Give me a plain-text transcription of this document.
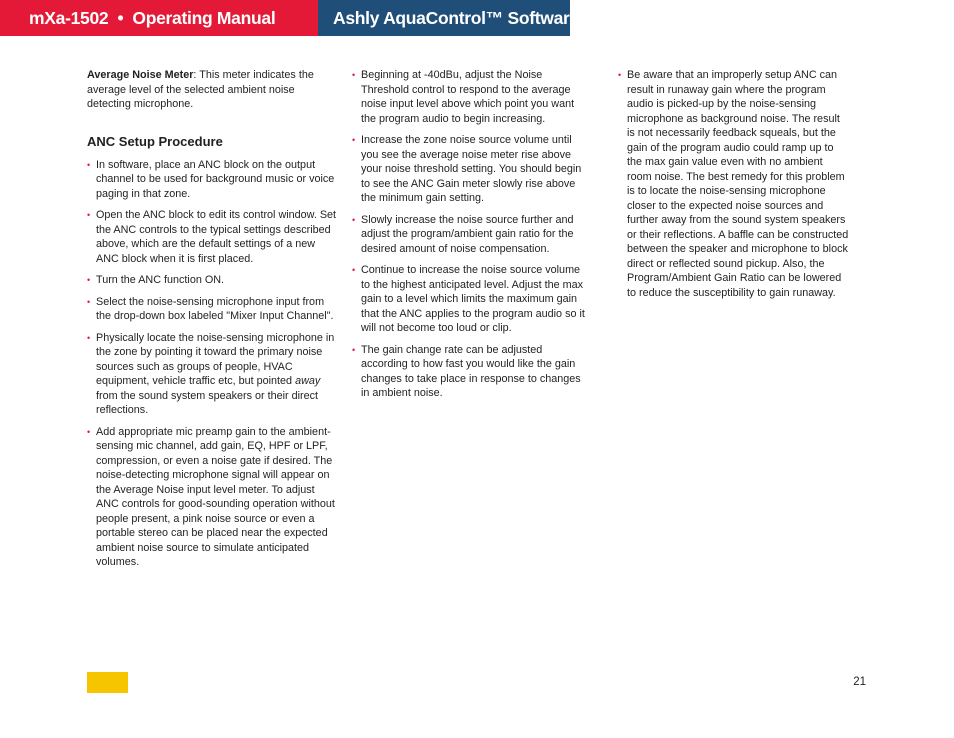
mXa-1502  •  Operating Manual	Ashly AquaControl™ Software

Average Noise Meter: This meter indicates the average level of the selected ambient noise detecting microphone.

ANC Setup Procedure
• In software, place an ANC block on the output channel to be used for background music or voice paging in that zone.
• Open the ANC block to edit its control window. Set the ANC controls to the typical settings described above, which are the default settings of a new ANC block when it is first placed.
• Turn the ANC function ON.
• Select the noise-sensing microphone input from the drop-down box labeled "Mixer Input Channel".
• Physically locate the noise-sensing microphone in the zone by pointing it toward the primary noise sources such as groups of people, HVAC equipment, vehicle traffic etc, but pointed away from the sound system speakers or their direct reflections.
• Add appropriate mic preamp gain to the ambient-sensing mic channel, add gain, EQ, HPF or LPF, compression, or even a noise gate if desired. The noise-detecting microphone signal will appear on the Average Noise input level meter. To adjust ANC controls for good-sounding operation without people present, a pink noise source or even a portable stereo can be placed near the expected ambient noise source to simulate anticipated volumes.
• Beginning at -40dBu, adjust the Noise Threshold control to respond to the average noise input level above which point you want the program audio to begin increasing.
• Increase the zone noise source volume until you see the average noise meter rise above your noise threshold setting. You should begin to see the ANC Gain meter slowly rise above the minimum gain setting.
• Slowly increase the noise source further and adjust the program/ambient gain ratio for the desired amount of noise compensation.
• Continue to increase the noise source volume to the highest anticipated level. Adjust the max gain to a level which limits the maximum gain that the ANC applies to the program audio so it will not become too loud or clip.
• The gain change rate can be adjusted according to how fast you would like the gain changes to take place in response to changes in ambient noise.
• Be aware that an improperly setup ANC can result in runaway gain where the program audio is picked-up by the noise-sensing microphone as background noise. The result is not necessarily feedback squeals, but the gain of the program audio could ramp up to the max gain value even with no ambient room noise. The best remedy for this problem is to locate the noise-sensing microphone closer to the expected noise sources and further away from the sound system speakers or their reflections. A baffle can be constructed between the speaker and microphone to block direct or reflected sound pickup. Also, the Program/Ambient Gain Ratio can be lowered to reduce the susceptibility to gain runaway.
21
